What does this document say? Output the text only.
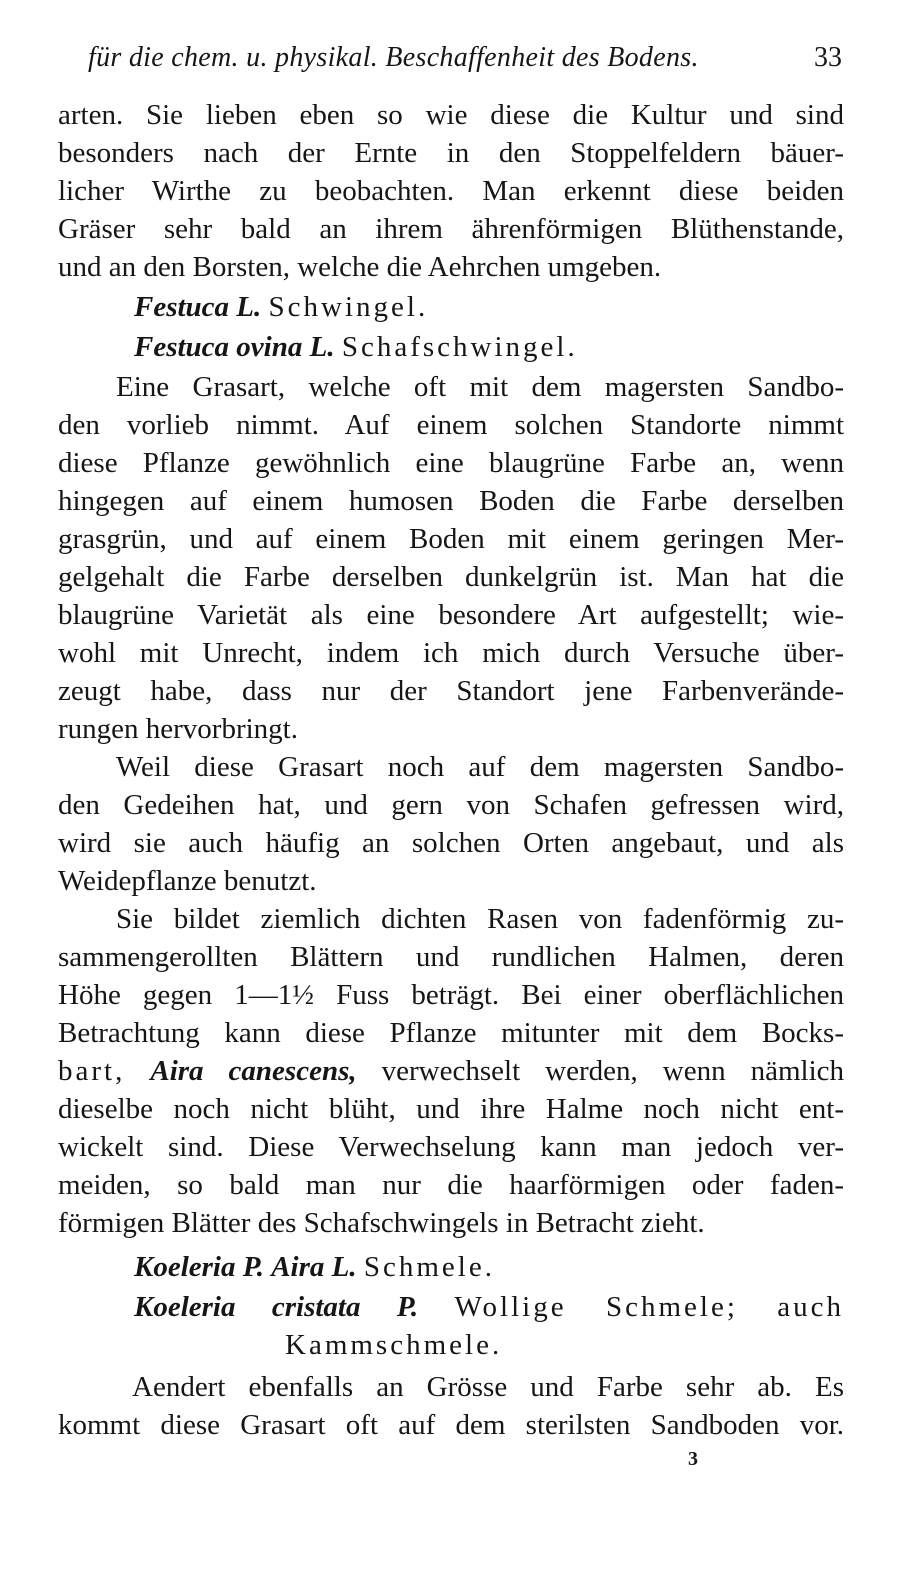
für die chem. u. physikal. Beschaffenheit des Bodens.	33
arten. Sie lieben eben so wie diese die Kultur und sind
besonders nach der Ernte in den Stoppelfeldern bäuer-
licher Wirthe zu beobachten. Man erkennt diese beiden
Gräser sehr bald an ihrem ährenförmigen Blüthenstande,
und an den Borsten, welche die Aehrchen umgeben.
Festuca L. Schwingel.
Festuca ovina L. Schafschwingel.
Eine Grasart, welche oft mit dem magersten Sandbo-
den vorlieb nimmt. Auf einem solchen Standorte nimmt
diese Pflanze gewöhnlich eine blaugrüne Farbe an, wenn
hingegen auf einem humosen Boden die Farbe derselben
grasgrün, und auf einem Boden mit einem geringen Mer-
gelgehalt die Farbe derselben dunkelgrün ist. Man hat die
blaugrüne Varietät als eine besondere Art aufgestellt; wie-
wohl mit Unrecht, indem ich mich durch Versuche über-
zeugt habe, dass nur der Standort jene Farbenverände-
rungen hervorbringt.
Weil diese Grasart noch auf dem magersten Sandbo-
den Gedeihen hat, und gern von Schafen gefressen wird,
wird sie auch häufig an solchen Orten angebaut, und als
Weidepflanze benutzt.
Sie bildet ziemlich dichten Rasen von fadenförmig zu-
sammengerollten Blättern und rundlichen Halmen, deren
Höhe gegen 1—1½ Fuss beträgt. Bei einer oberflächlichen
Betrachtung kann diese Pflanze mitunter mit dem Bocks-
bart, Aira canescens, verwechselt werden, wenn nämlich
dieselbe noch nicht blüht, und ihre Halme noch nicht ent-
wickelt sind. Diese Verwechselung kann man jedoch ver-
meiden, so bald man nur die haarförmigen oder faden-
förmigen Blätter des Schafschwingels in Betracht zieht.
Koeleria P. Aira L. Schmele.
Koeleria cristata P. Wollige Schmele; auch
Kammschmele.
Aendert ebenfalls an Grösse und Farbe sehr ab. Es
kommt diese Grasart oft auf dem sterilsten Sandboden vor.
3
